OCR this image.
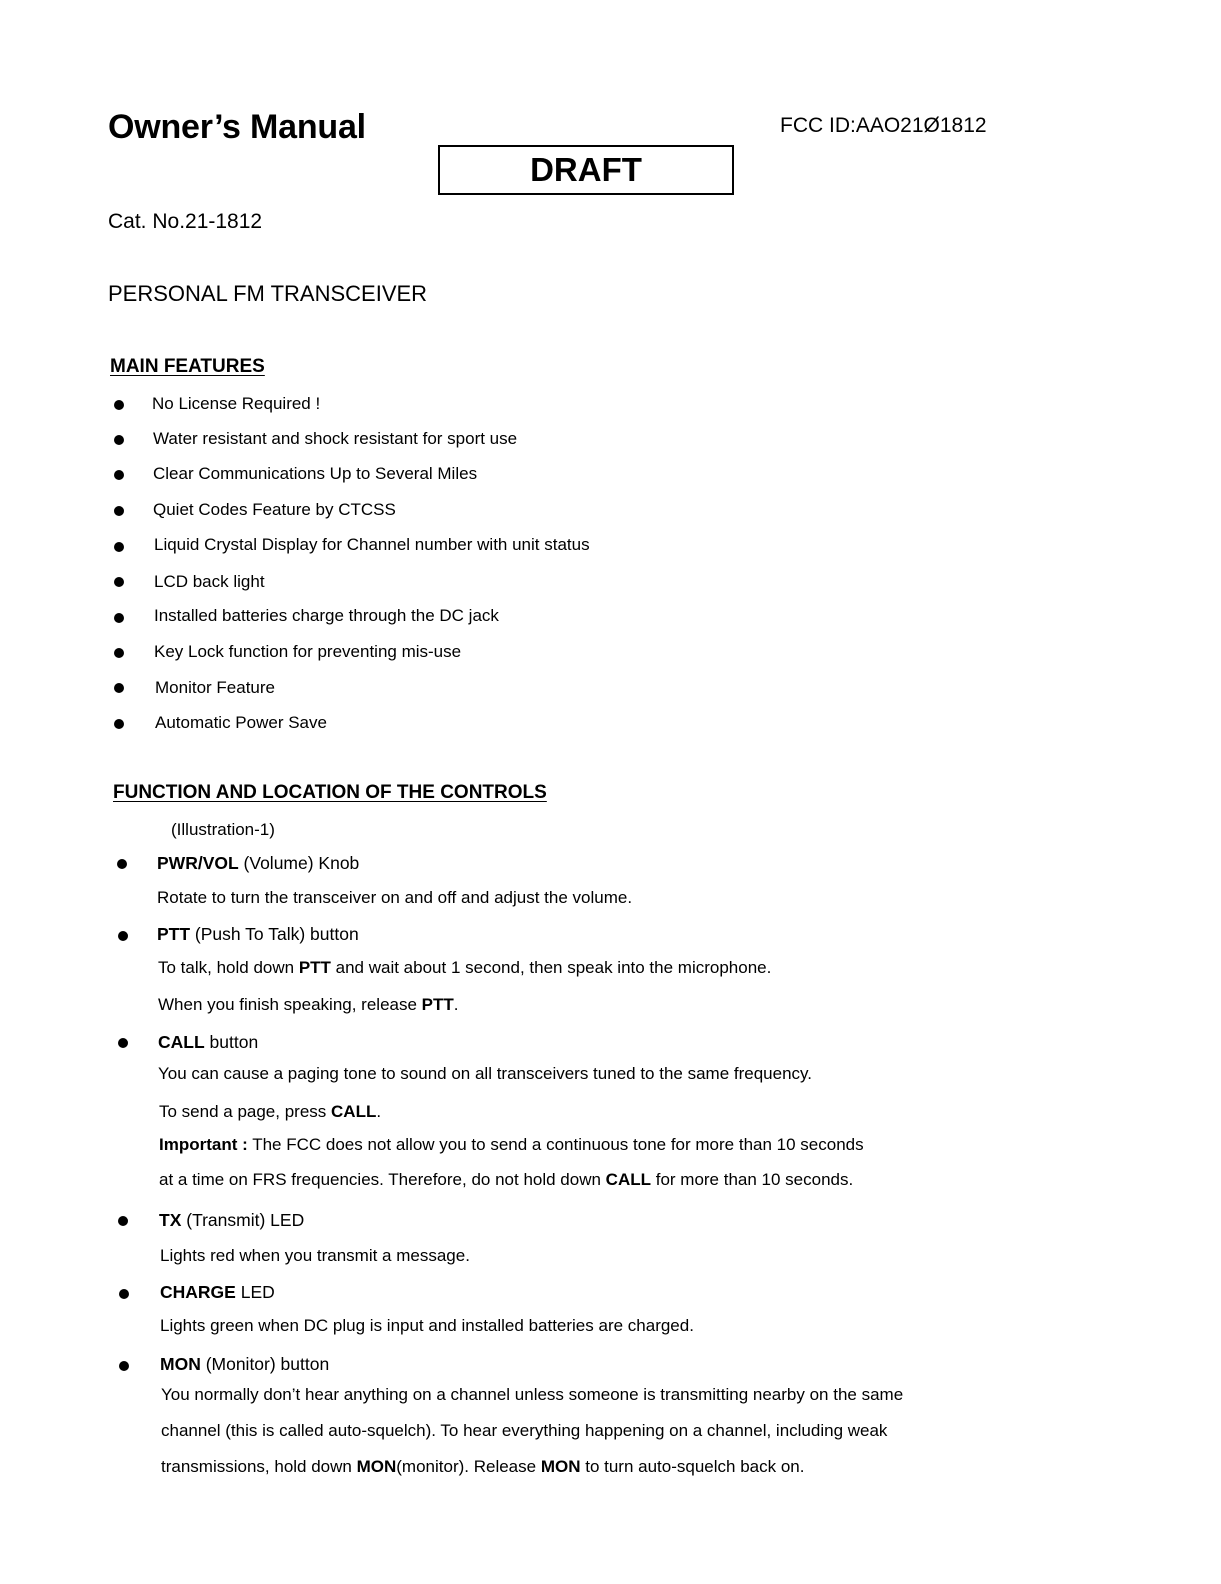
Owner’s Manual	FCC ID:AAO21Ø1812
DRAFT
Cat. No.21-1812
PERSONAL FM TRANSCEIVER
MAIN FEATURES
No License Required !
Water resistant and shock resistant for sport use
Clear Communications Up to Several Miles
Quiet Codes Feature by CTCSS
Liquid Crystal Display for Channel number with unit status
LCD back light
Installed batteries charge through the DC jack
Key Lock function for preventing mis-use
Monitor Feature
Automatic Power Save
FUNCTION AND LOCATION OF THE CONTROLS
(Illustration-1)
PWR/VOL (Volume) Knob
Rotate to turn the transceiver on and off and adjust the volume.
PTT (Push To Talk) button
To talk, hold down PTT and wait about 1 second, then speak into the microphone.
When you finish speaking, release PTT.
CALL button
You can cause a paging tone to sound on all transceivers tuned to the same frequency.
To send a page, press CALL.
Important : The FCC does not allow you to send a continuous tone for more than 10 seconds
at a time on FRS frequencies. Therefore, do not hold down CALL for more than 10 seconds.
TX (Transmit) LED
Lights red when you transmit a message.
CHARGE LED
Lights green when DC plug is input and installed batteries are charged.
MON (Monitor) button
You normally don’t hear anything on a channel unless someone is transmitting nearby on the same
channel (this is called auto-squelch). To hear everything happening on a channel, including weak
transmissions, hold down MON(monitor). Release MON to turn auto-squelch back on.
